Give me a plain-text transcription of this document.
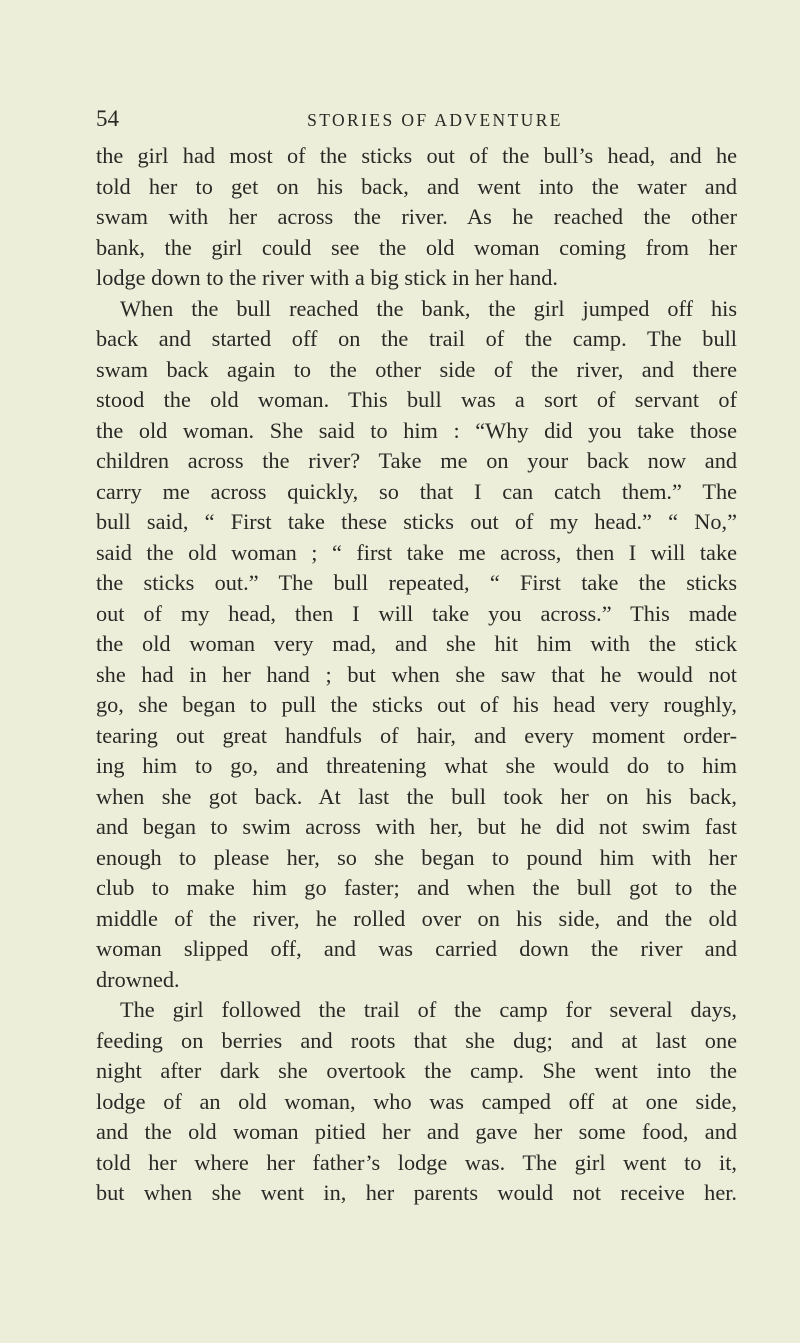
54	STORIES OF ADVENTURE
the girl had most of the sticks out of the bull’s head, and he
told her to get on his back, and went into the water and
swam with her across the river. As he reached the other
bank, the girl could see the old woman coming from her
lodge down to the river with a big stick in her hand.
When the bull reached the bank, the girl jumped off his
back and started off on the trail of the camp. The bull
swam back again to the other side of the river, and there
stood the old woman. This bull was a sort of servant of
the old woman. She said to him : “Why did you take those
children across the river? Take me on your back now and
carry me across quickly, so that I can catch them.” The
bull said, “ First take these sticks out of my head.” “ No,”
said the old woman ; “ first take me across, then I will take
the sticks out.” The bull repeated, “ First take the sticks
out of my head, then I will take you across.” This made
the old woman very mad, and she hit him with the stick
she had in her hand ; but when she saw that he would not
go, she began to pull the sticks out of his head very roughly,
tearing out great handfuls of hair, and every moment order-
ing him to go, and threatening what she would do to him
when she got back. At last the bull took her on his back,
and began to swim across with her, but he did not swim fast
enough to please her, so she began to pound him with her
club to make him go faster; and when the bull got to the
middle of the river, he rolled over on his side, and the old
woman slipped off, and was carried down the river and
drowned.
The girl followed the trail of the camp for several days,
feeding on berries and roots that she dug; and at last one
night after dark she overtook the camp. She went into the
lodge of an old woman, who was camped off at one side,
and the old woman pitied her and gave her some food, and
told her where her father’s lodge was. The girl went to it,
but when she went in, her parents would not receive her.
